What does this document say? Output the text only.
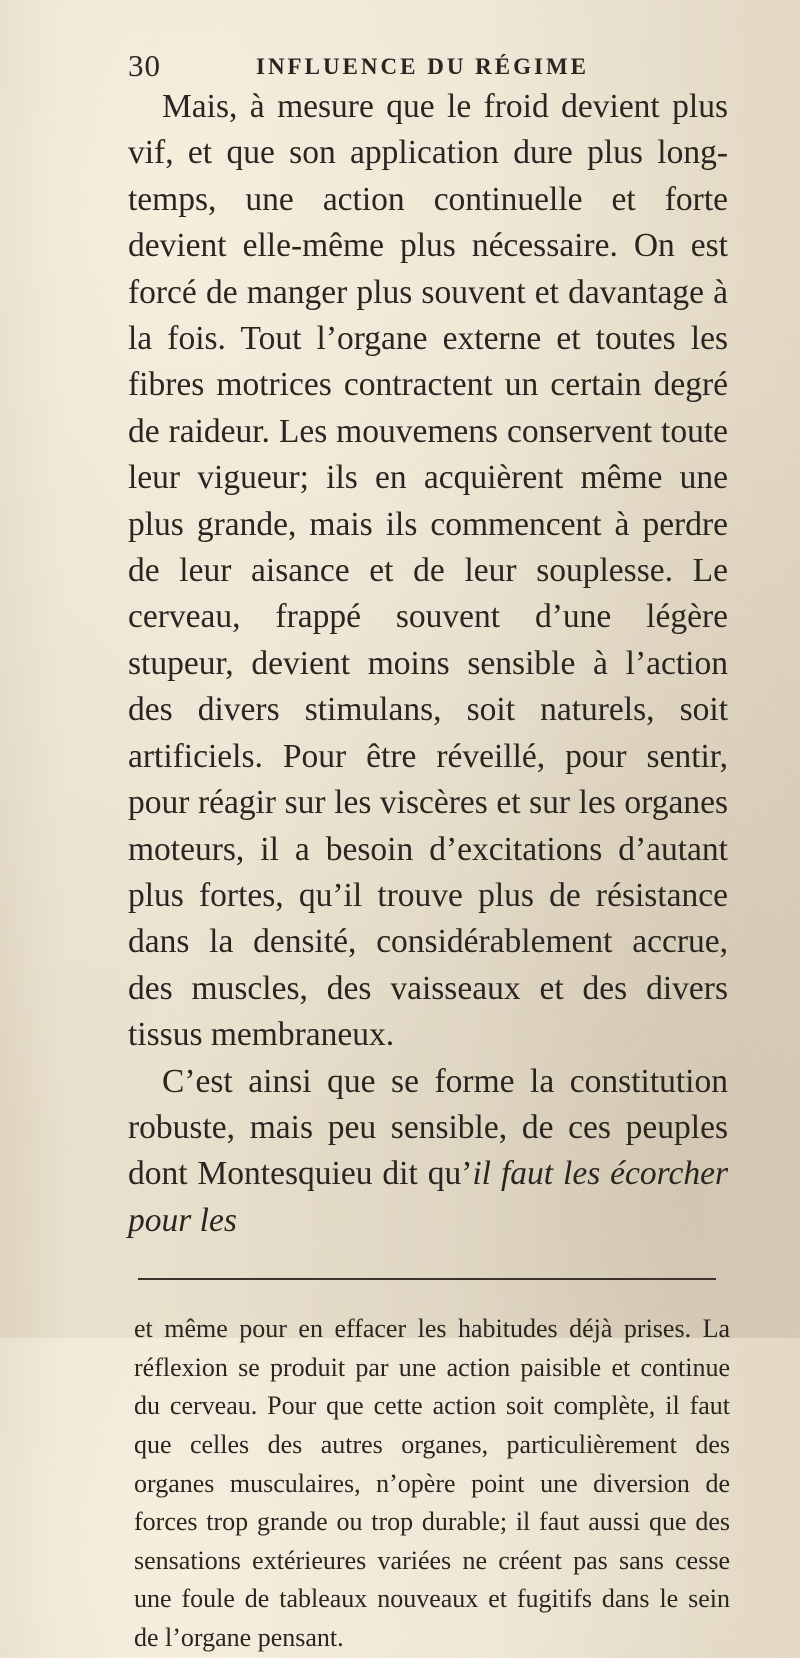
30	INFLUENCE DU RÉGIME

Mais, à mesure que le froid devient plus vif, et que son application dure plus long-temps, une action continuelle et forte devient elle-même plus nécessaire. On est forcé de manger plus souvent et davantage à la fois. Tout l’organe externe et toutes les fibres motrices contractent un certain degré de raideur. Les mouvemens conservent toute leur vigueur; ils en acquièrent même une plus grande, mais ils commencent à perdre de leur aisance et de leur souplesse. Le cerveau, frappé souvent d’une légère stupeur, devient moins sensible à l’action des divers stimulans, soit naturels, soit artificiels. Pour être réveillé, pour sentir, pour réagir sur les viscères et sur les organes moteurs, il a besoin d’excitations d’autant plus fortes, qu’il trouve plus de résistance dans la densité, considérablement accrue, des muscles, des vaisseaux et des divers tissus membraneux.

C’est ainsi que se forme la constitution robuste, mais peu sensible, de ces peuples dont Montesquieu dit qu’il faut les écorcher pour les

et même pour en effacer les habitudes déjà prises. La réflexion se produit par une action paisible et continue du cerveau. Pour que cette action soit complète, il faut que celles des autres organes, particulièrement des organes musculaires, n’opère point une diversion de forces trop grande ou trop durable; il faut aussi que des sensations extérieures variées ne créent pas sans cesse une foule de tableaux nouveaux et fugitifs dans le sein de l’organe pensant.
